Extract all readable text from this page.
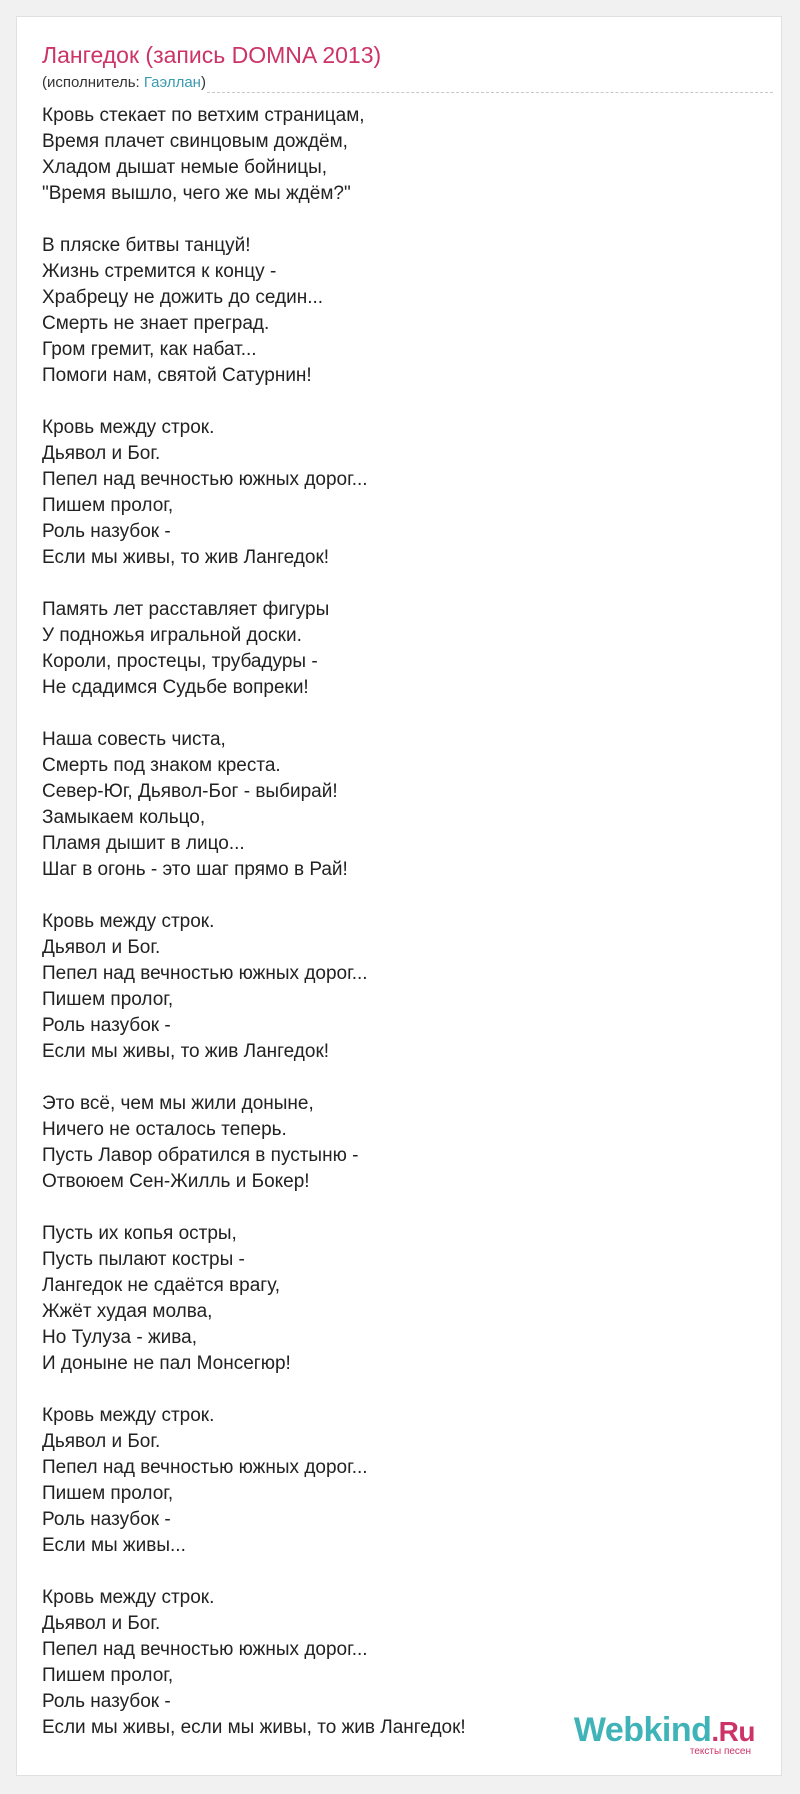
Лангедок (запись DOMNA 2013)
(исполнитель: Гаэллан)
Кровь стекает по ветхим страницам,
Время плачет свинцовым дождём,
Хладом дышат немые бойницы,
"Время вышло, чего же мы ждём?"
В пляске битвы танцуй!
Жизнь стремится к концу -
Храбрецу не дожить до седин...
Смерть не знает преград.
Гром гремит, как набат...
Помоги нам, святой Сатурнин!
Кровь между строк.
Дьявол и Бог.
Пепел над вечностью южных дорог...
Пишем пролог,
Роль назубок -
Если мы живы, то жив Лангедок!
Память лет расставляет фигуры
У подножья игральной доски.
Короли, простецы, трубадуры -
Не сдадимся Судьбе вопреки!
Наша совесть чиста,
Смерть под знаком креста.
Север-Юг, Дьявол-Бог - выбирай!
Замыкаем кольцо,
Пламя дышит в лицо...
Шаг в огонь - это шаг прямо в Рай!
Кровь между строк.
Дьявол и Бог.
Пепел над вечностью южных дорог...
Пишем пролог,
Роль назубок -
Если мы живы, то жив Лангедок!
Это всё, чем мы жили доныне,
Ничего не осталось теперь.
Пусть Лавор обратился в пустыню -
Отвоюем Сен-Жилль и Бокер!
Пусть их копья остры,
Пусть пылают костры -
Лангедок не сдаётся врагу,
Жжёт худая молва,
Но Тулуза - жива,
И доныне не пал Монсегюр!
Кровь между строк.
Дьявол и Бог.
Пепел над вечностью южных дорог...
Пишем пролог,
Роль назубок -
Если мы живы...
Кровь между строк.
Дьявол и Бог.
Пепел над вечностью южных дорог...
Пишем пролог,
Роль назубок -
Если мы живы, если мы живы, то жив Лангедок!	Webkind.Ru
тексты песен
